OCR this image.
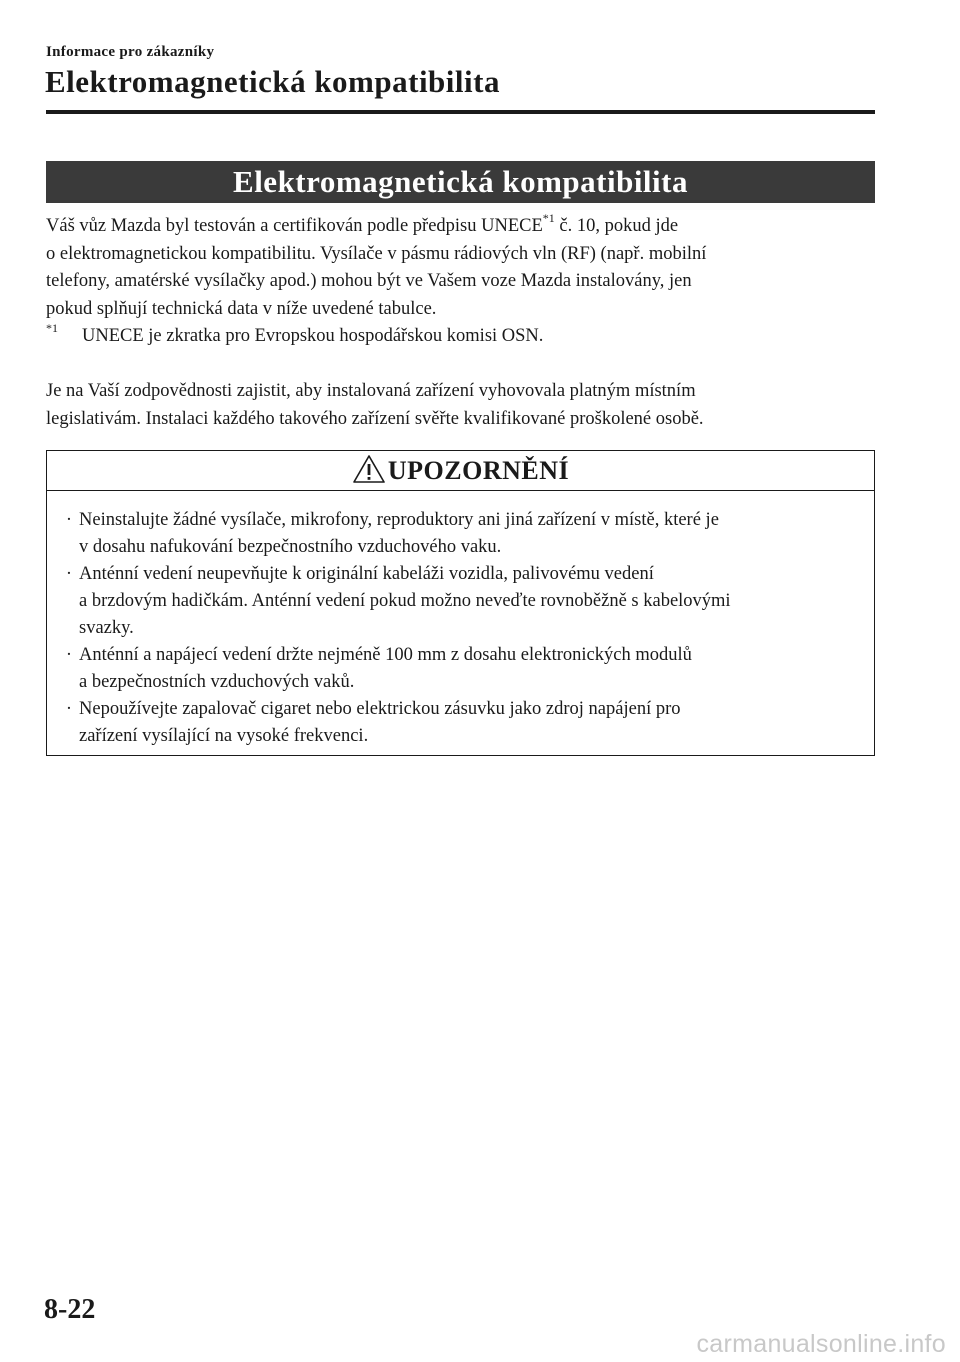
Informace pro zákazníky
Elektromagnetická kompatibilita
Elektromagnetická kompatibilita
Váš vůz Mazda byl testován a certifikován podle předpisu UNECE$^{*1}$ č. 10, pokud jde
o elektromagnetickou kompatibilitu. Vysílače v pásmu rádiových vln (RF) (např. mobilní
telefony, amatérské vysílačky apod.) mohou být ve Vašem voze Mazda instalovány, jen
pokud splňují technická data v níže uvedené tabulce.
$^{*1}$ UNECE je zkratka pro Evropskou hospodářskou komisi OSN.
Je na Vaší zodpovědnosti zajistit, aby instalovaná zařízení vyhovovala platným místním
legislativám. Instalaci každého takového zařízení svěřte kvalifikované proškolené osobě.
UPOZORNĚNÍ
· Neinstalujte žádné vysílače, mikrofony, reproduktory ani jiná zařízení v místě, které je
v dosahu nafukování bezpečnostního vzduchového vaku.
· Anténní vedení neupevňujte k originální kabeláži vozidla, palivovému vedení
a brzdovým hadičkám. Anténní vedení pokud možno neveďte rovnoběžně s kabelovými
svazky.
· Anténní a napájecí vedení držte nejméně 100 mm z dosahu elektronických modulů
a bezpečnostních vzduchových vaků.
· Nepoužívejte zapalovač cigaret nebo elektrickou zásuvku jako zdroj napájení pro
zařízení vysílající na vysoké frekvenci.
8-22
carmanualsonline.info
